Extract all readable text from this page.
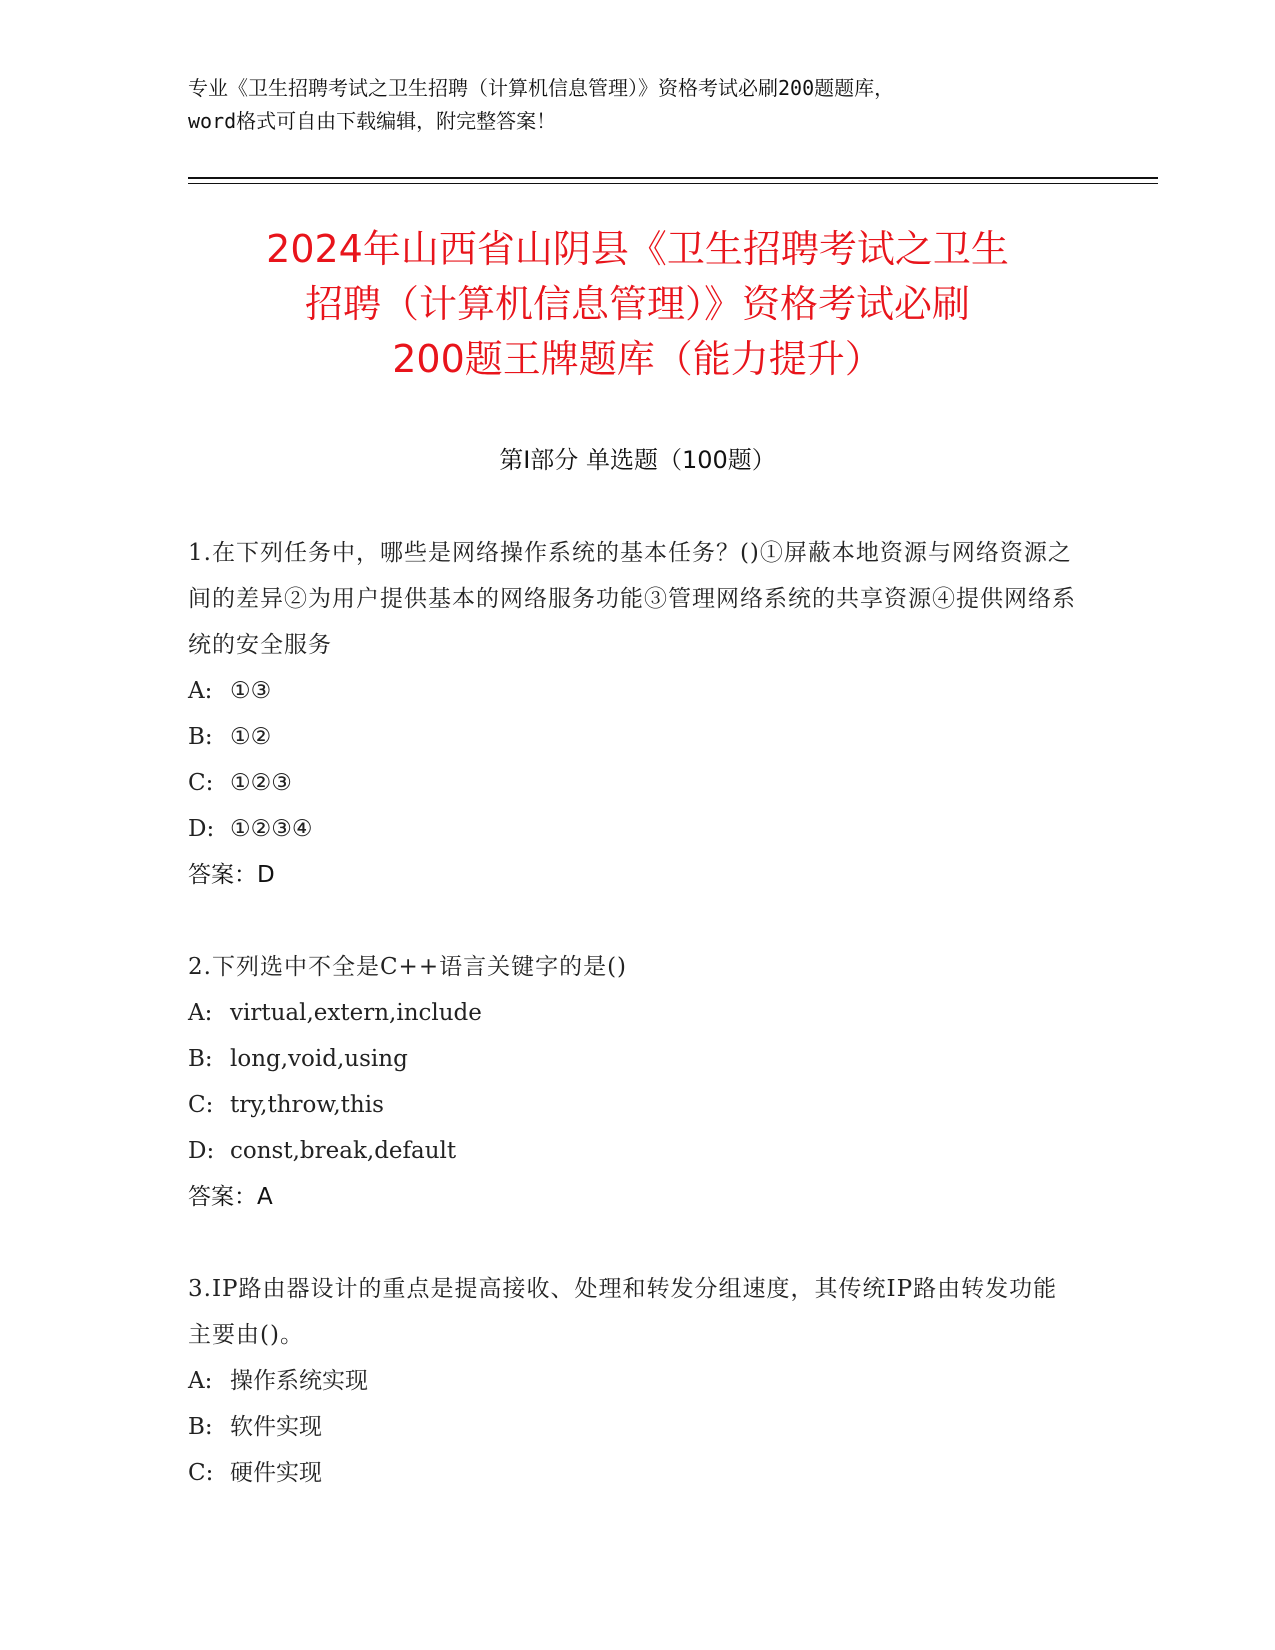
专业《卫生招聘考试之卫生招聘（计算机信息管理）》资格考试必刷200题题库，
word格式可自由下载编辑，附完整答案！
2024年山西省山阴县《卫生招聘考试之卫生
招聘（计算机信息管理）》资格考试必刷
200题王牌题库（能力提升）
第I部分 单选题（100题）
1.在下列任务中，哪些是网络操作系统的基本任务？()①屏蔽本地资源与网络资源之间的差异②为用户提供基本的网络服务功能③管理网络系统的共享资源④提供网络系统的安全服务
A: ①③
B: ①②
C: ①②③
D: ①②③④
答案：D
2.下列选中不全是C++语言关键字的是()
A: virtual,extern,include
B: long,void,using
C: try,throw,this
D: const,break,default
答案：A
3.IP路由器设计的重点是提高接收、处理和转发分组速度，其传统IP路由转发功能主要由()。
A: 操作系统实现
B: 软件实现
C: 硬件实现
